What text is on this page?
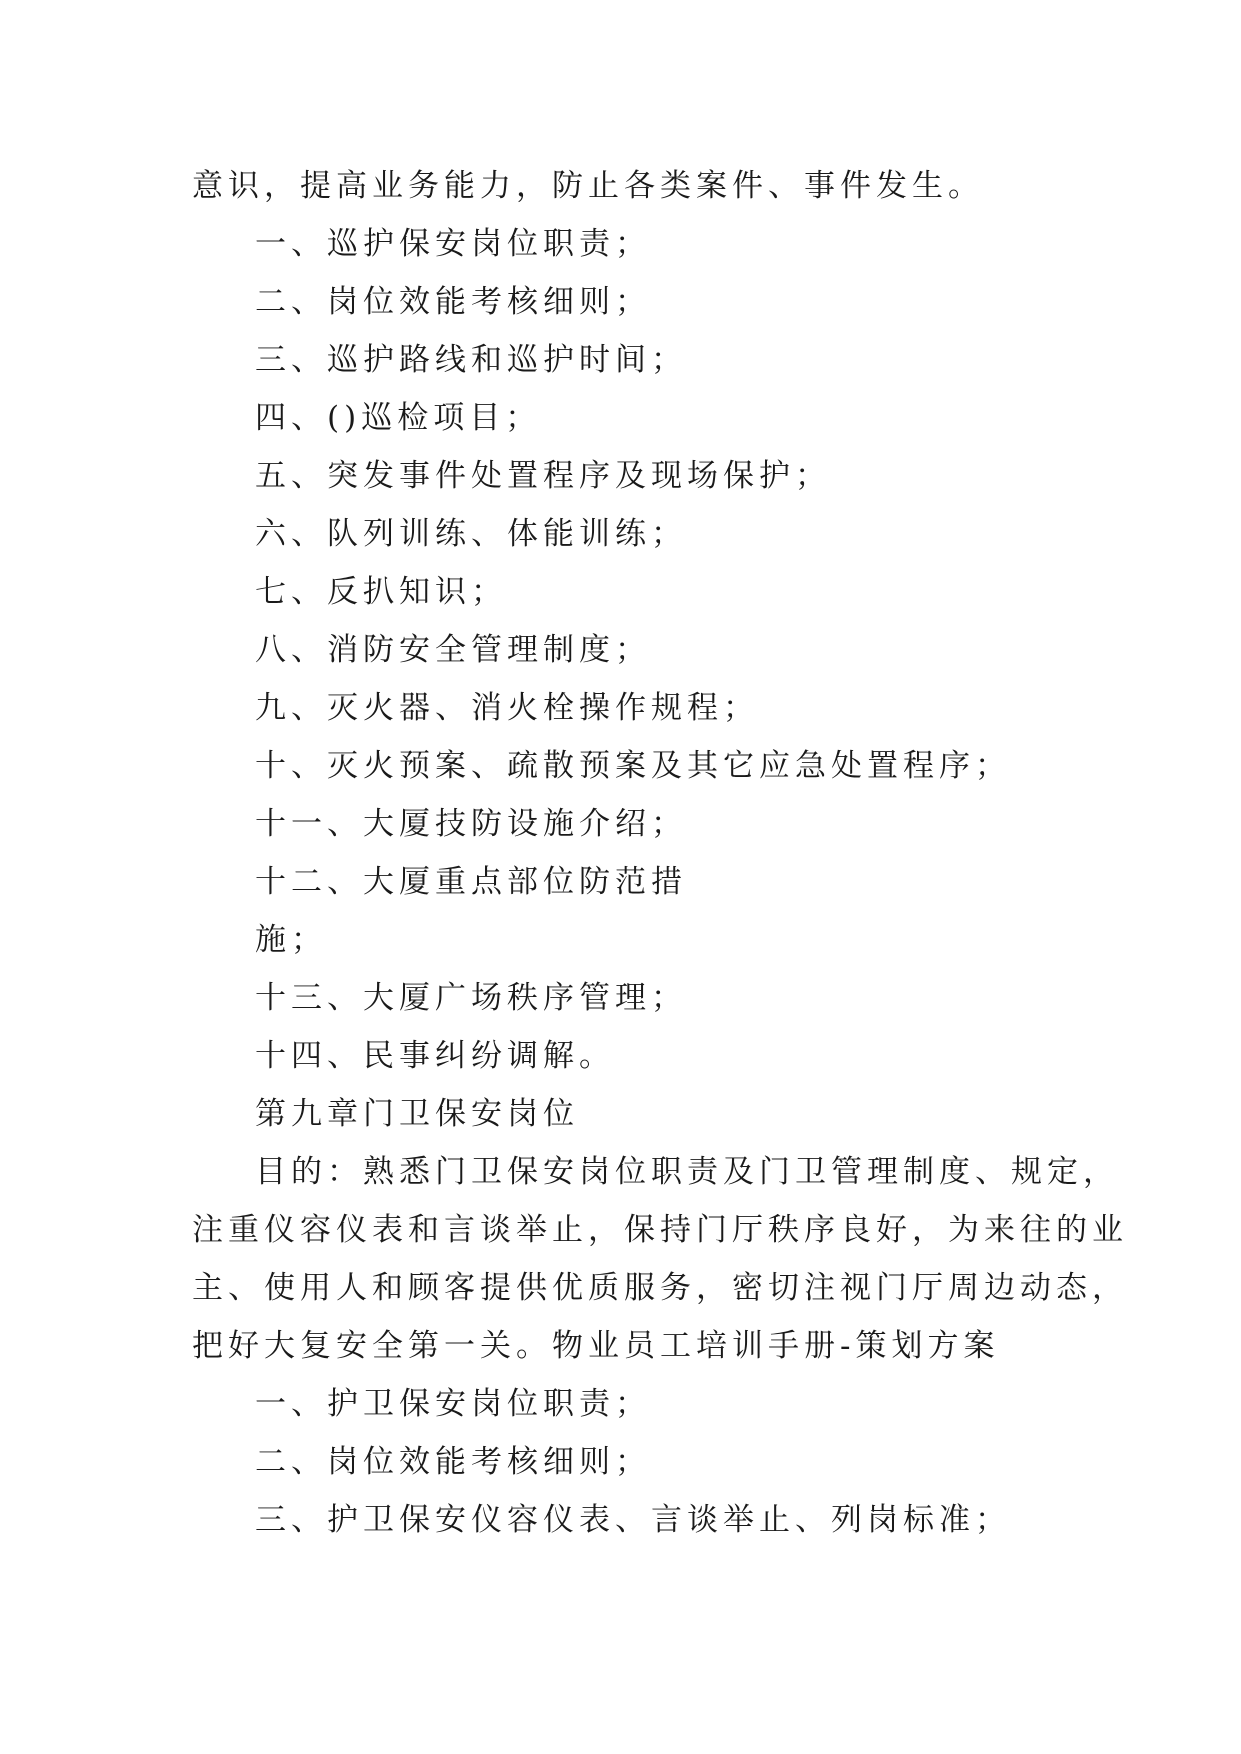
意识，提高业务能力，防止各类案件、事件发生。
一、巡护保安岗位职责；
二、岗位效能考核细则；
三、巡护路线和巡护时间；
四、()巡检项目；
五、突发事件处置程序及现场保护；
六、队列训练、体能训练；
七、反扒知识；
八、消防安全管理制度；
九、灭火器、消火栓操作规程；
十、灭火预案、疏散预案及其它应急处置程序；
十一、大厦技防设施介绍；
十二、大厦重点部位防范措
施；
十三、大厦广场秩序管理；
十四、民事纠纷调解。
第九章门卫保安岗位
目的：熟悉门卫保安岗位职责及门卫管理制度、规定，
注重仪容仪表和言谈举止，保持门厅秩序良好，为来往的业
主、使用人和顾客提供优质服务，密切注视门厅周边动态，
把好大复安全第一关。物业员工培训手册-策划方案
一、护卫保安岗位职责；
二、岗位效能考核细则；
三、护卫保安仪容仪表、言谈举止、列岗标准；
